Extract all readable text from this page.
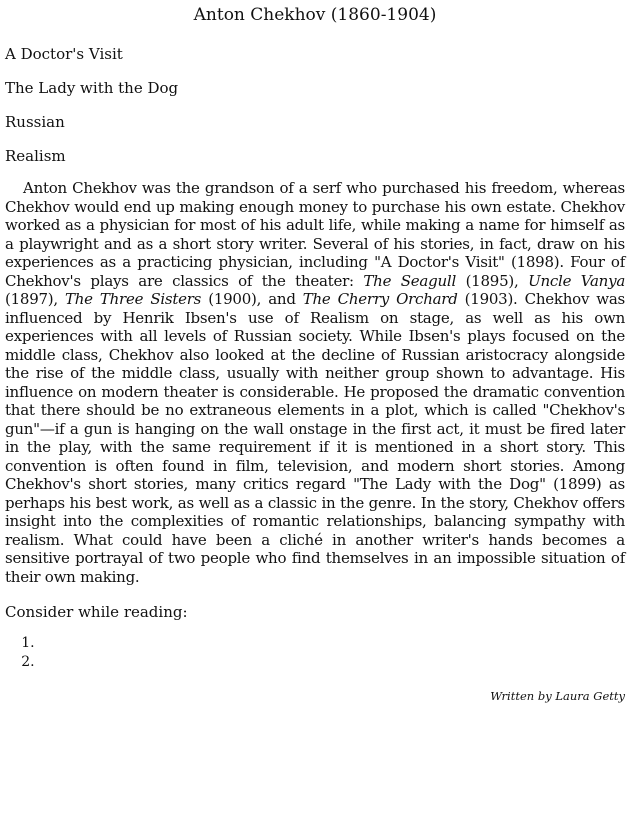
Anton Chekhov (1860-1904)

A Doctor's Visit

The Lady with the Dog

Russian

Realism

Anton Chekhov was the grandson of a serf who purchased his freedom, whereas Chekhov would end up making enough money to purchase his own estate. Chekhov worked as a physician for most of his adult life, while making a name for himself as a playwright and as a short story writer. Several of his stories, in fact, draw on his experiences as a practicing physician, including "A Doctor's Visit" (1898). Four of Chekhov's plays are classics of the theater: The Seagull (1895), Uncle Vanya (1897), The Three Sisters (1900), and The Cherry Orchard (1903). Chekhov was influenced by Henrik Ibsen's use of Realism on stage, as well as his own experiences with all levels of Russian society. While Ibsen's plays focused on the middle class, Chekhov also looked at the decline of Russian aristocracy alongside the rise of the middle class, usually with neither group shown to advantage. His influence on modern theater is considerable. He proposed the dramatic convention that there should be no extraneous elements in a plot, which is called "Chekhov's gun"—if a gun is hanging on the wall onstage in the first act, it must be fired later in the play, with the same requirement if it is mentioned in a short story. This convention is often found in film, television, and modern short stories. Among Chekhov's short stories, many critics regard "The Lady with the Dog" (1899) as perhaps his best work, as well as a classic in the genre. In the story, Chekhov offers insight into the complexities of romantic relationships, balancing sympathy with realism. What could have been a cliché in another writer's hands becomes a sensitive portrayal of two people who find themselves in an impossible situation of their own making.

Consider while reading:

1.
2.

Written by Laura Getty
